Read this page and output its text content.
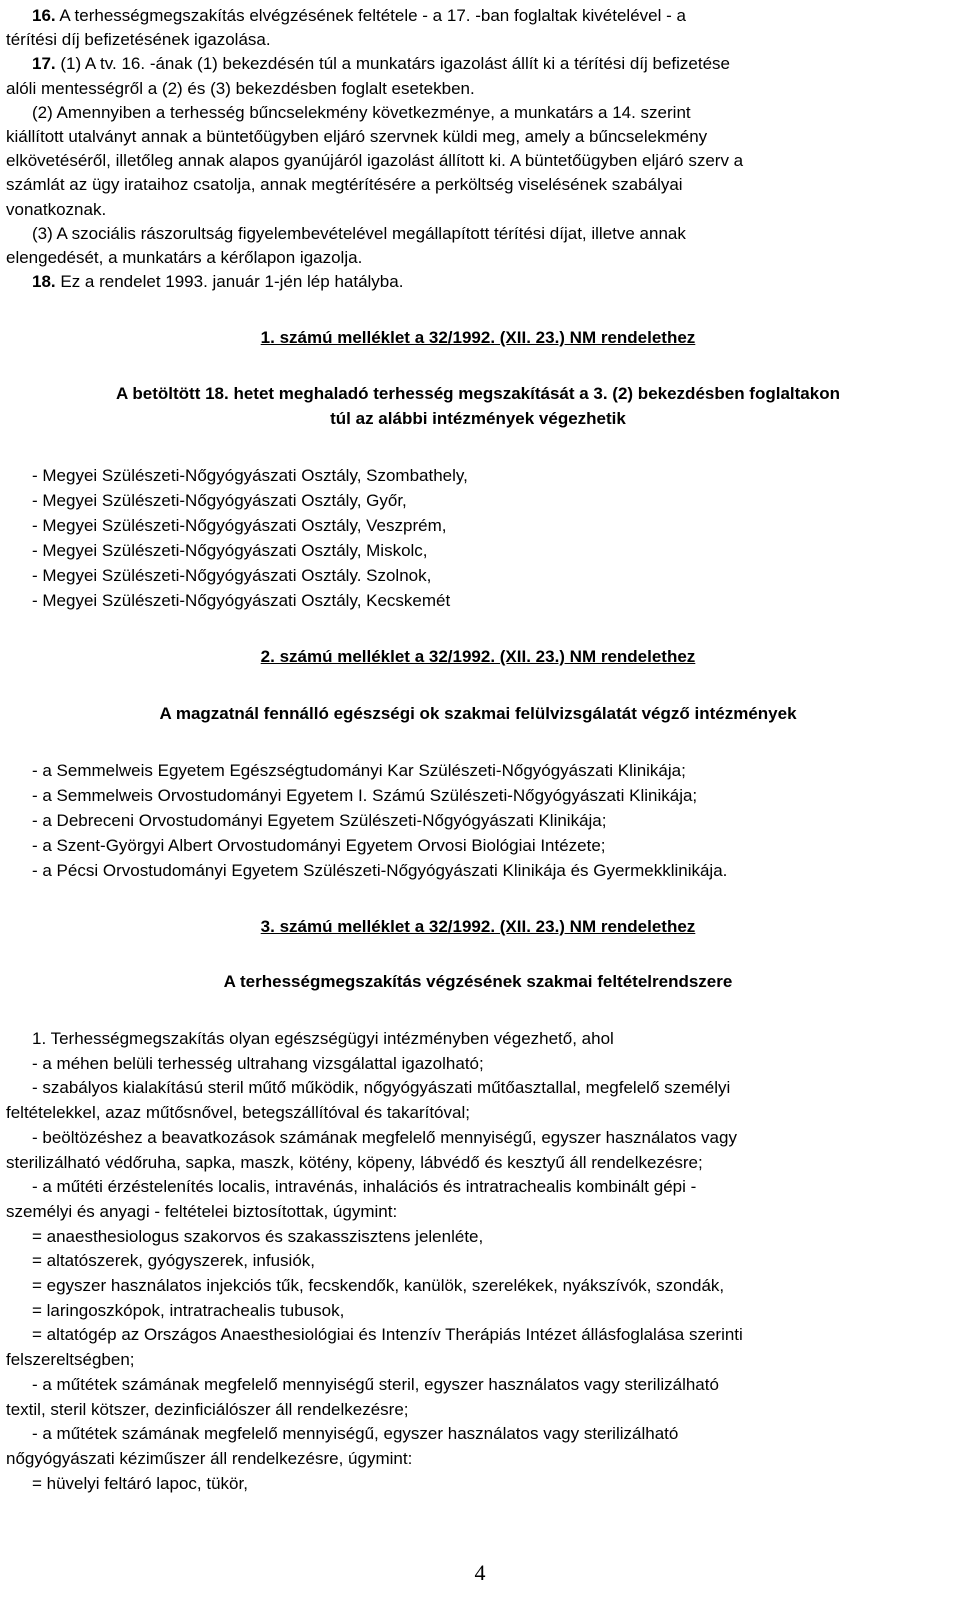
16. A terhességmegszakítás elvégzésének feltétele - a 17. -ban foglaltak kivételével - a
térítési díj befizetésének igazolása.
17. (1) A tv. 16. -ának (1) bekezdésén túl a munkatárs igazolást állít ki a térítési díj befizetése
alóli mentességről a (2) és (3) bekezdésben foglalt esetekben.
(2) Amennyiben a terhesség bűncselekmény következménye, a munkatárs a 14. szerint
kiállított utalványt annak a büntetőügyben eljáró szervnek küldi meg, amely a bűncselekmény
elkövetéséről, illetőleg annak alapos gyanújáról igazolást állított ki. A büntetőügyben eljáró szerv a
számlát az ügy irataihoz csatolja, annak megtérítésére a perköltség viselésének szabályai
vonatkoznak.
(3) A szociális rászorultság figyelembevételével megállapított térítési díjat, illetve annak
elengedését, a munkatárs a kérőlapon igazolja.
18. Ez a rendelet 1993. január 1-jén lép hatályba.
1. számú melléklet a 32/1992. (XII. 23.) NM rendelethez
A betöltött 18. hetet meghaladó terhesség megszakítását a 3. (2) bekezdésben foglaltakon
túl az alábbi intézmények végezhetik
- Megyei Szülészeti-Nőgyógyászati Osztály, Szombathely,
- Megyei Szülészeti-Nőgyógyászati Osztály, Győr,
- Megyei Szülészeti-Nőgyógyászati Osztály, Veszprém,
- Megyei Szülészeti-Nőgyógyászati Osztály, Miskolc,
- Megyei Szülészeti-Nőgyógyászati Osztály. Szolnok,
- Megyei Szülészeti-Nőgyógyászati Osztály, Kecskemét
2. számú melléklet a 32/1992. (XII. 23.) NM rendelethez
A magzatnál fennálló egészségi ok szakmai felülvizsgálatát végző intézmények
- a Semmelweis Egyetem Egészségtudományi Kar Szülészeti-Nőgyógyászati Klinikája;
- a Semmelweis Orvostudományi Egyetem I. Számú Szülészeti-Nőgyógyászati Klinikája;
- a Debreceni Orvostudományi Egyetem Szülészeti-Nőgyógyászati Klinikája;
- a Szent-Györgyi Albert Orvostudományi Egyetem Orvosi Biológiai Intézete;
- a Pécsi Orvostudományi Egyetem Szülészeti-Nőgyógyászati Klinikája és Gyermekklinikája.
3. számú melléklet a 32/1992. (XII. 23.) NM rendelethez
A terhességmegszakítás végzésének szakmai feltételrendszere
1. Terhességmegszakítás olyan egészségügyi intézményben végezhető, ahol
- a méhen belüli terhesség ultrahang vizsgálattal igazolható;
- szabályos kialakítású steril műtő működik, nőgyógyászati műtőasztallal, megfelelő személyi
feltételekkel, azaz műtősnővel, betegszállítóval és takarítóval;
- beöltözéshez a beavatkozások számának megfelelő mennyiségű, egyszer használatos vagy
sterilizálható védőruha, sapka, maszk, kötény, köpeny, lábvédő és kesztyű áll rendelkezésre;
- a műtéti érzéstelenítés localis, intravénás, inhalációs és intratrachealis kombinált gépi -
személyi és anyagi - feltételei biztosítottak, úgymint:
= anaesthesiologus szakorvos és szakasszisztens jelenléte,
= altatószerek, gyógyszerek, infusiók,
= egyszer használatos injekciós tűk, fecskendők, kanülök, szerelékek, nyákszívók, szondák,
= laringoszkópok, intratrachealis tubusok,
= altatógép az Országos Anaesthesiológiai és Intenzív Therápiás Intézet állásfoglalása szerinti
felszereltségben;
- a műtétek számának megfelelő mennyiségű steril, egyszer használatos vagy sterilizálható
textil, steril kötszer, dezinficiálószer áll rendelkezésre;
- a műtétek számának megfelelő mennyiségű, egyszer használatos vagy sterilizálható
nőgyógyászati kéziműszer áll rendelkezésre, úgymint:
= hüvelyi feltáró lapoc, tükör,
4
